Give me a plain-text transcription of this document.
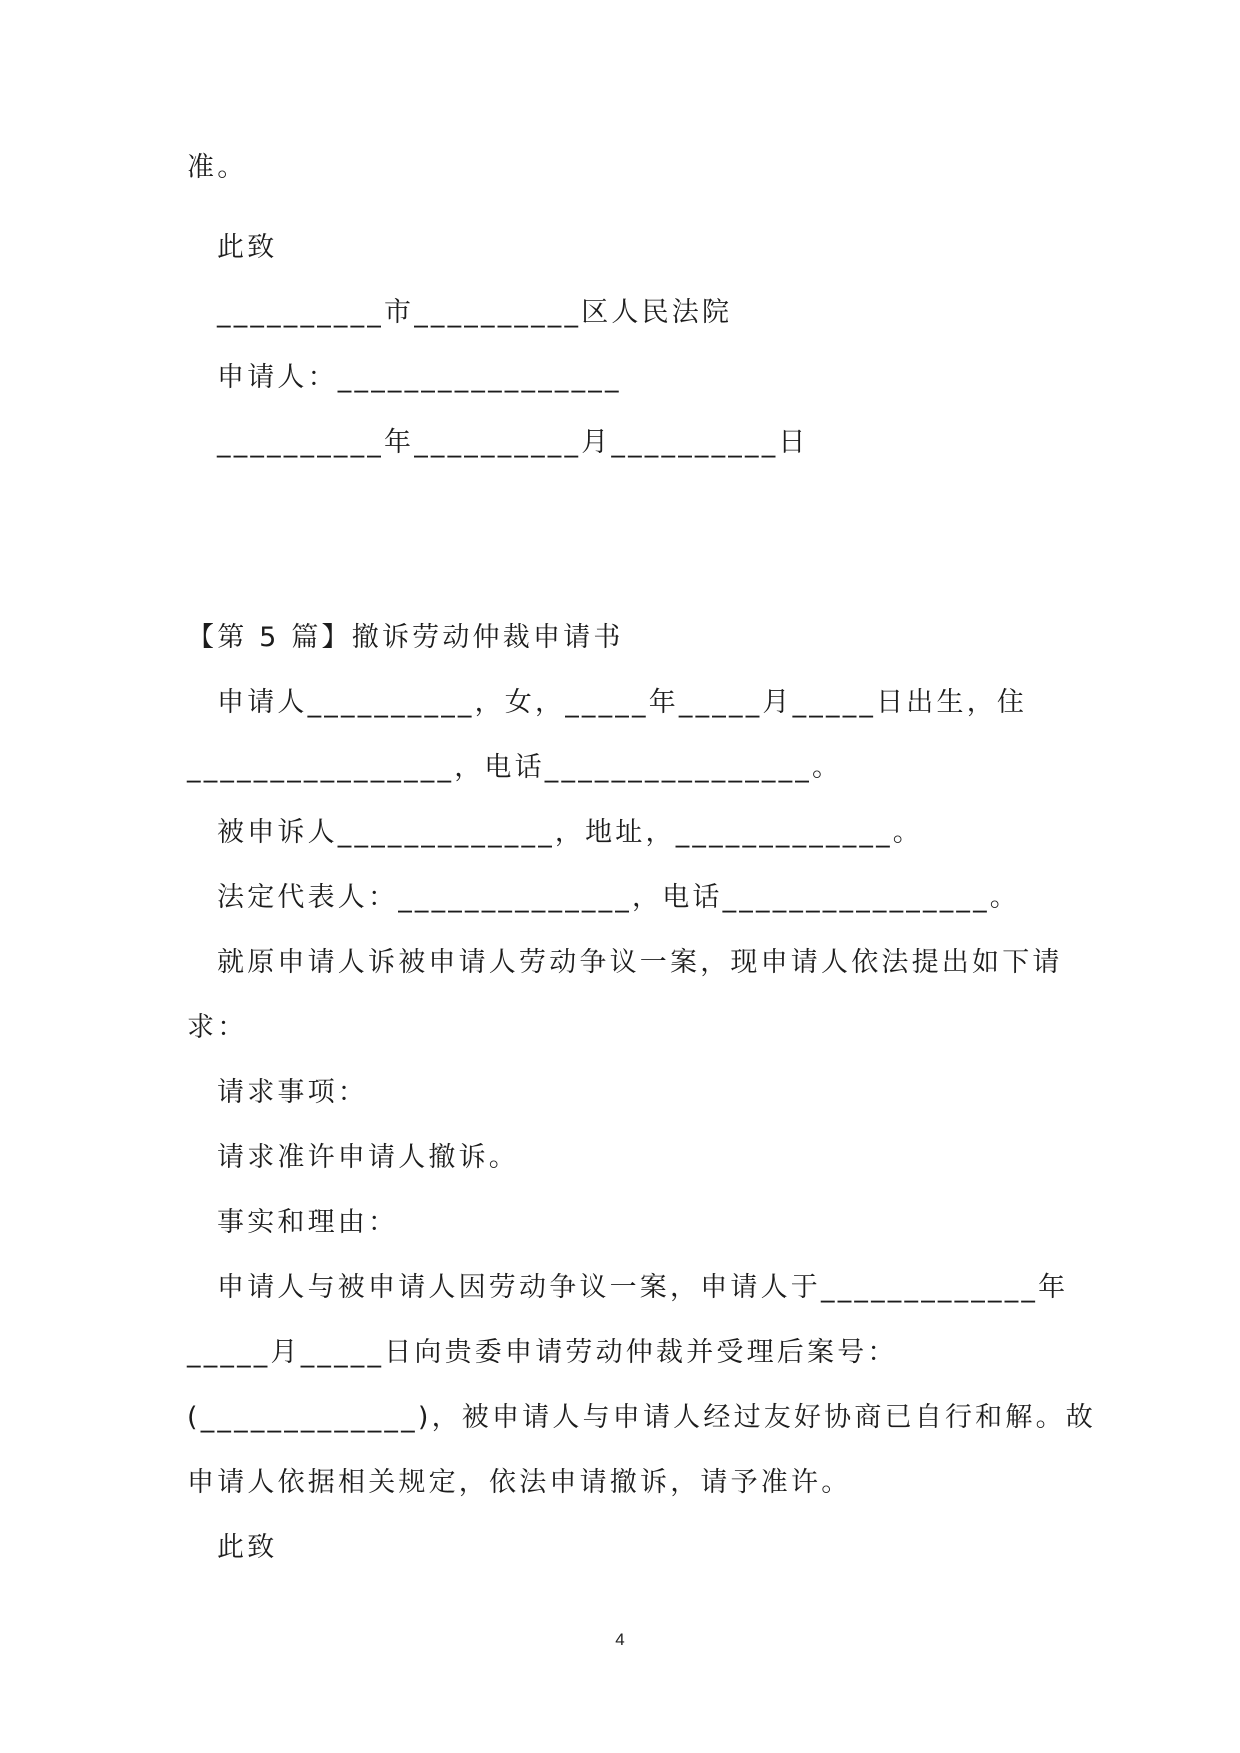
准。
此致
__________市__________区人民法院
申请人：_________________
__________年__________月__________日
【第 5 篇】撤诉劳动仲裁申请书
申请人__________，女，_____年_____月_____日出生，住
________________，电话________________。
被申诉人_____________，地址，_____________。
法定代表人：______________，电话________________。
就原申请人诉被申请人劳动争议一案，现申请人依法提出如下请
求：
请求事项：
请求准许申请人撤诉。
事实和理由：
申请人与被申请人因劳动争议一案，申请人于_____________年
_____月_____日向贵委申请劳动仲裁并受理后案号：
(_____________)，被申请人与申请人经过友好协商已自行和解。故
申请人依据相关规定，依法申请撤诉，请予准许。
此致
4
